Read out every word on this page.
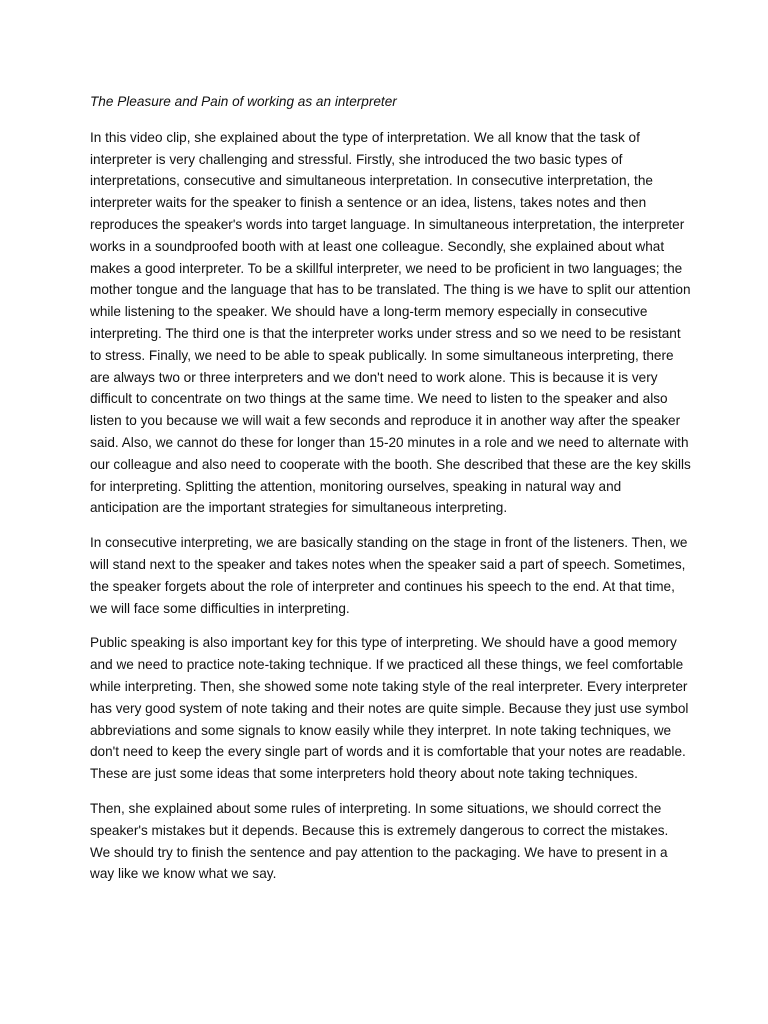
The Pleasure and Pain of working as an interpreter

In this video clip, she explained about the type of interpretation. We all know that the task of interpreter is very challenging and stressful. Firstly, she introduced the two basic types of interpretations, consecutive and simultaneous interpretation. In consecutive interpretation, the interpreter waits for the speaker to finish a sentence or an idea, listens, takes notes and then reproduces the speaker's words into target language. In simultaneous interpretation, the interpreter works in a soundproofed booth with at least one colleague. Secondly, she explained about what makes a good interpreter. To be a skillful interpreter, we need to be proficient in two languages; the mother tongue and the language that has to be translated. The thing is we have to split our attention while listening to the speaker. We should have a long-term memory especially in consecutive interpreting. The third one is that the interpreter works under stress and so we need to be resistant to stress. Finally, we need to be able to speak publically. In some simultaneous interpreting, there are always two or three interpreters and we don't need to work alone. This is because it is very difficult to concentrate on two things at the same time. We need to listen to the speaker and also listen to you because we will wait a few seconds and reproduce it in another way after the speaker said. Also, we cannot do these for longer than 15-20 minutes in a role and we need to alternate with our colleague and also need to cooperate with the booth. She described that these are the key skills for interpreting. Splitting the attention, monitoring ourselves, speaking in natural way and anticipation are the important strategies for simultaneous interpreting.

In consecutive interpreting, we are basically standing on the stage in front of the listeners. Then, we will stand next to the speaker and takes notes when the speaker said a part of speech. Sometimes, the speaker forgets about the role of interpreter and continues his speech to the end. At that time, we will face some difficulties in interpreting.

Public speaking is also important key for this type of interpreting. We should have a good memory and we need to practice note-taking technique. If we practiced all these things, we feel comfortable while interpreting. Then, she showed some note taking style of the real interpreter. Every interpreter has very good system of note taking and their notes are quite simple. Because they just use symbol abbreviations and some signals to know easily while they interpret. In note taking techniques, we don't need to keep the every single part of words and it is comfortable that your notes are readable. These are just some ideas that some interpreters hold theory about note taking techniques.

Then, she explained about some rules of interpreting. In some situations, we should correct the speaker's mistakes but it depends. Because this is extremely dangerous to correct the mistakes. We should try to finish the sentence and pay attention to the packaging. We have to present in a way like we know what we say.
